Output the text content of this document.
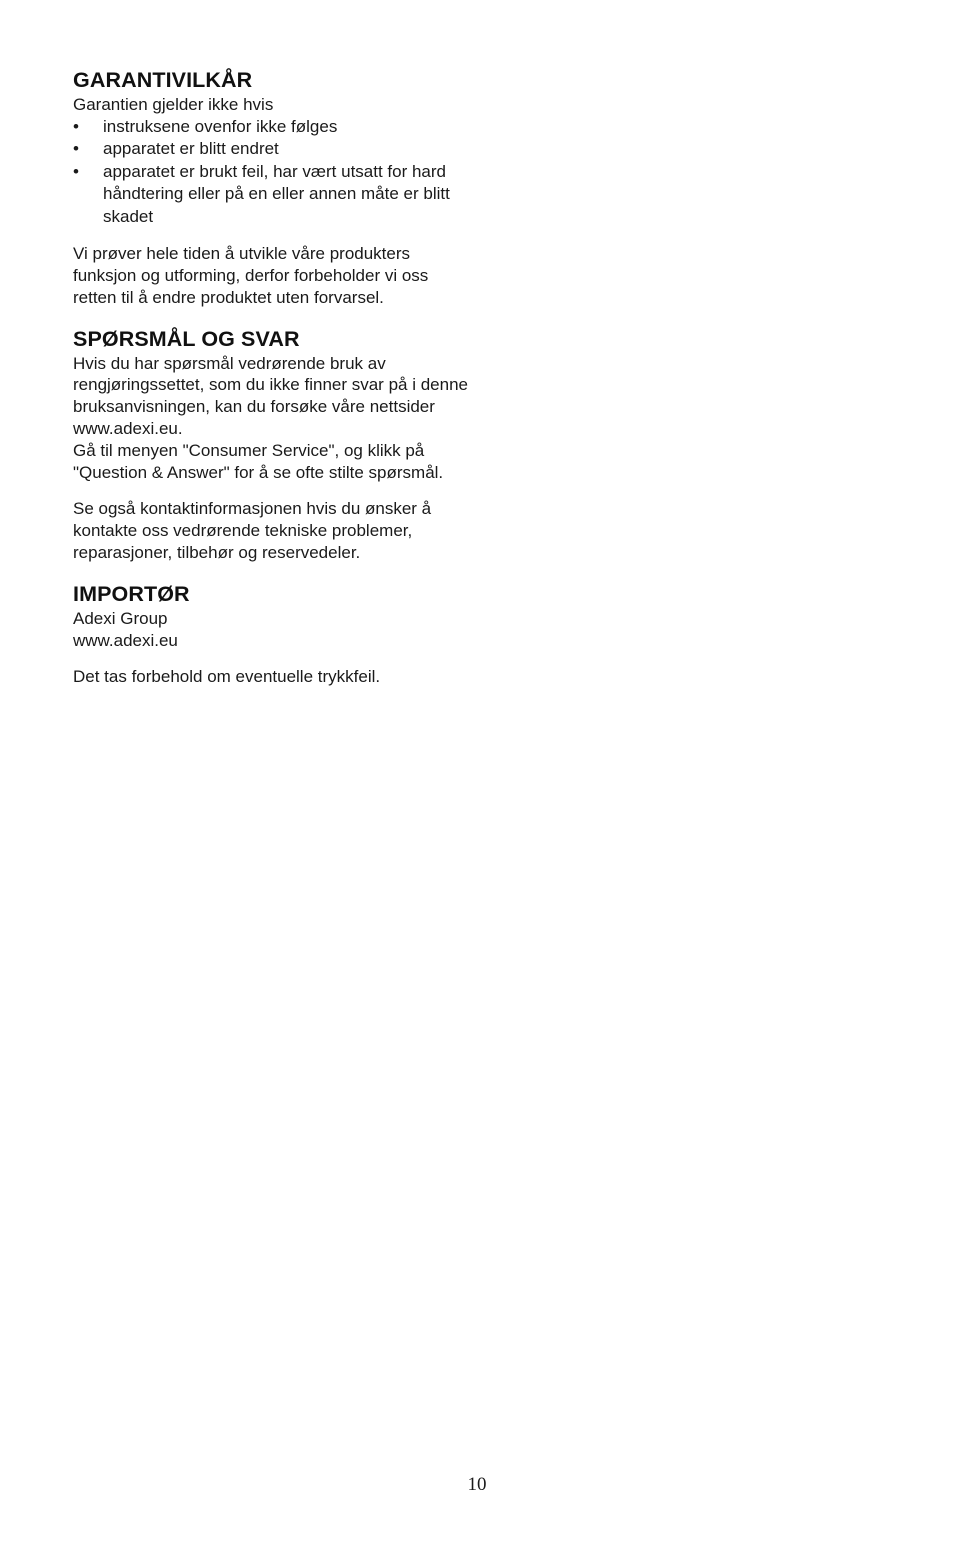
GARANTIVILKÅR

Garantien gjelder ikke hvis

•	instruksene ovenfor ikke følges
•	apparatet er blitt endret
•	apparatet er brukt feil, har vært utsatt for hard håndtering eller på en eller annen måte er blitt skadet

Vi prøver hele tiden å utvikle våre produkters funksjon og utforming, derfor forbeholder vi oss retten til å endre produktet uten forvarsel.

SPØRSMÅL OG SVAR

Hvis du har spørsmål vedrørende bruk av rengjøringssettet, som du ikke finner svar på i denne bruksanvisningen, kan du forsøke våre nettsider www.adexi.eu.

Gå til menyen "Consumer Service", og klikk på "Question & Answer" for å se ofte stilte spørsmål.

Se også kontaktinformasjonen hvis du ønsker å kontakte oss vedrørende tekniske problemer, reparasjoner, tilbehør og reservedeler.

IMPORTØR

Adexi Group

www.adexi.eu

Det tas forbehold om eventuelle trykkfeil.

10
